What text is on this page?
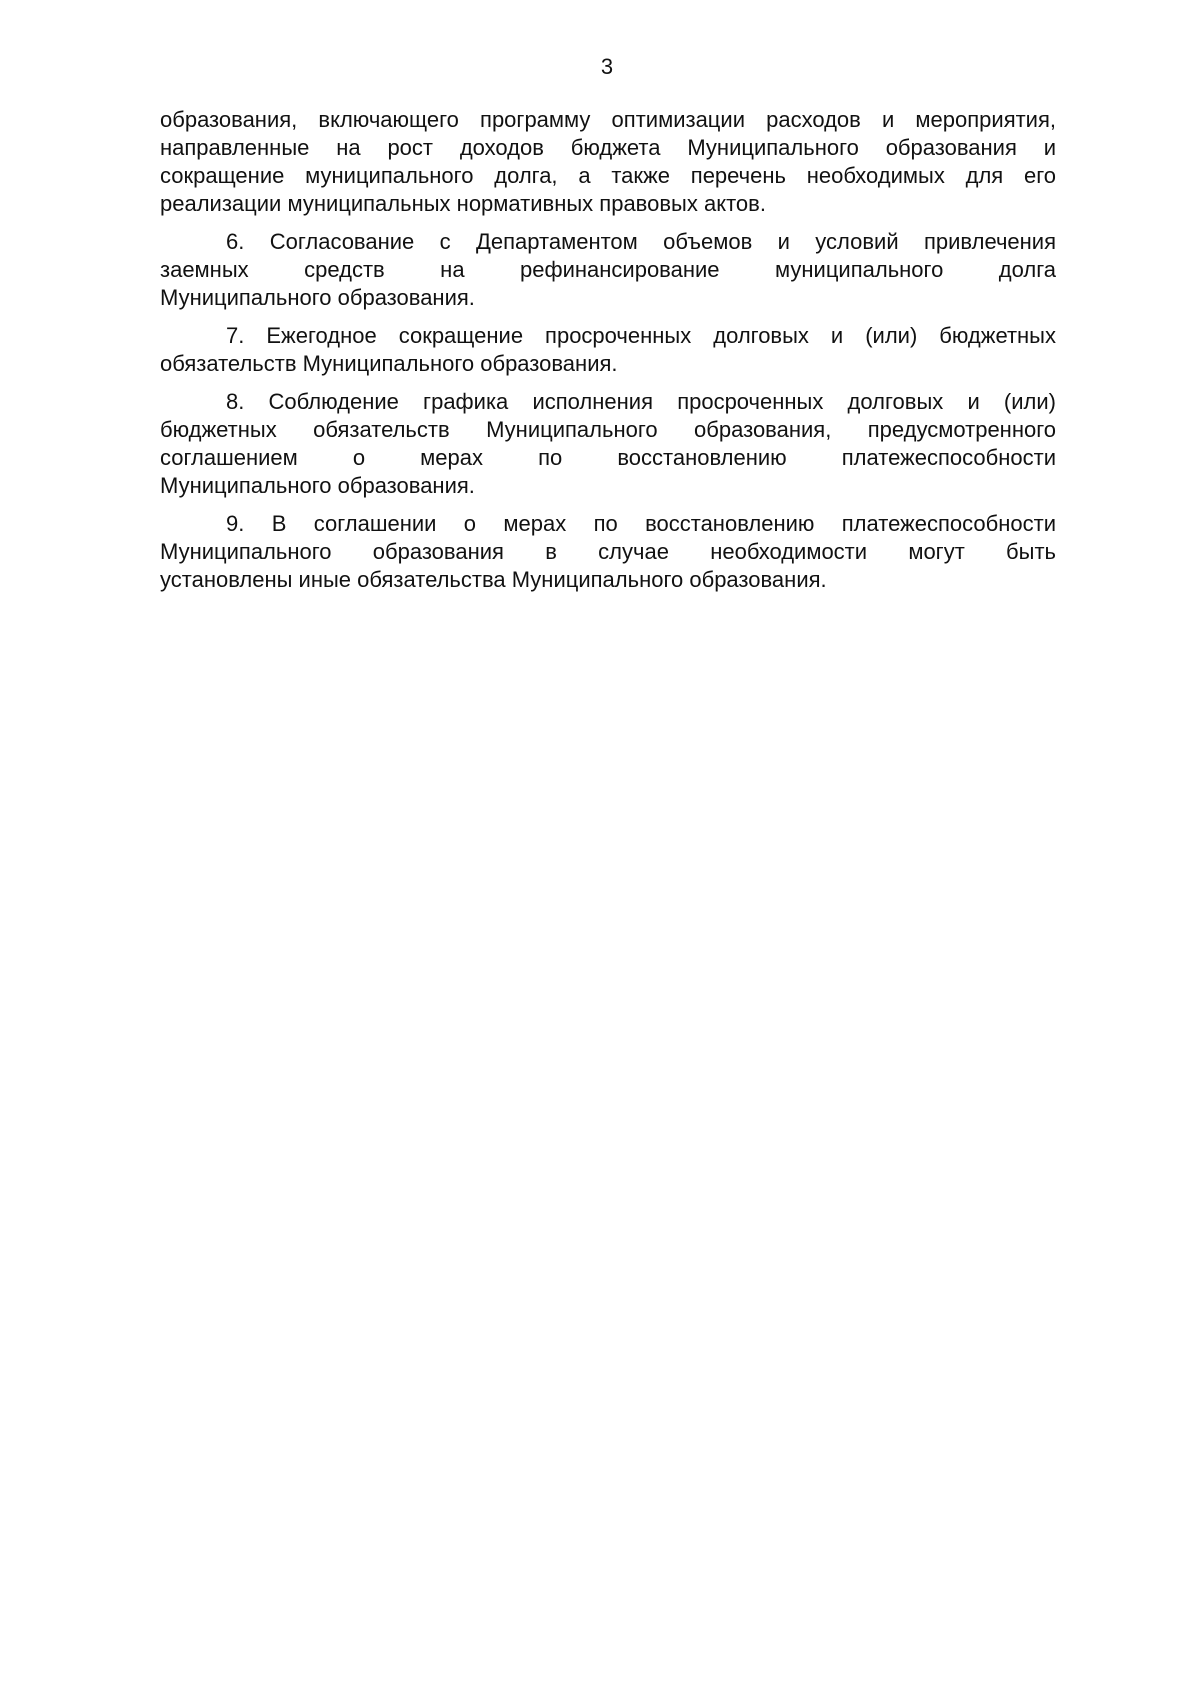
3
образования, включающего программу оптимизации расходов и мероприятия,
направленные на рост доходов бюджета Муниципального образования и
сокращение муниципального долга, а также перечень необходимых для его
реализации муниципальных нормативных правовых актов.
6. Согласование с Департаментом объемов и условий привлечения
заемных средств на рефинансирование муниципального долга
Муниципального образования.
7. Ежегодное сокращение просроченных долговых и (или) бюджетных
обязательств Муниципального образования.
8. Соблюдение графика исполнения просроченных долговых и (или)
бюджетных обязательств Муниципального образования, предусмотренного
соглашением о мерах по восстановлению платежеспособности
Муниципального образования.
9. В соглашении о мерах по восстановлению платежеспособности
Муниципального образования в случае необходимости могут быть
установлены иные обязательства Муниципального образования.
